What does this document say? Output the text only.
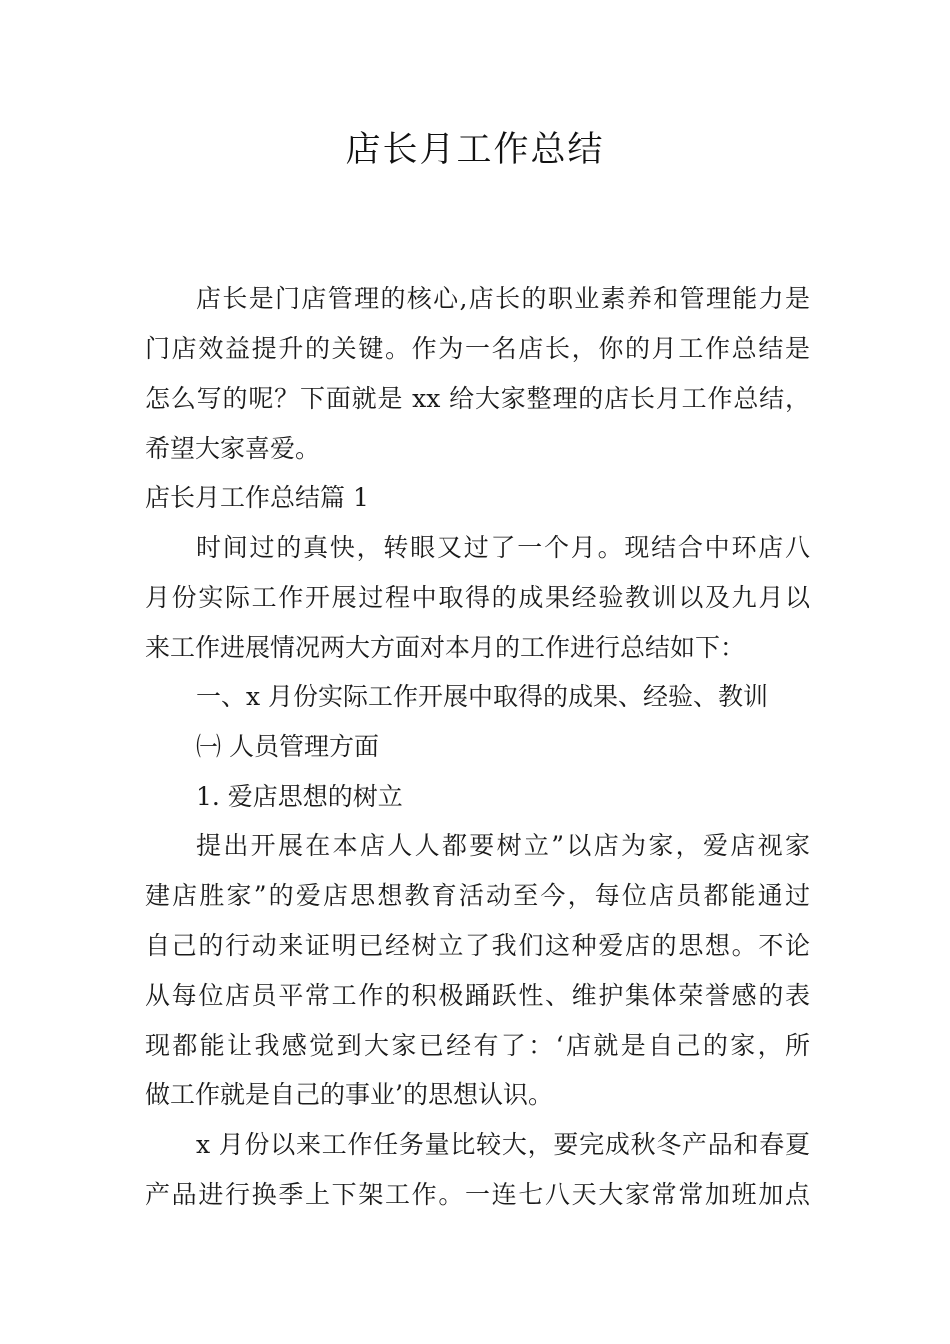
店长月工作总结
店长是门店管理的核心,店长的职业素养和管理能力是
门店效益提升的关键。作为一名店长，你的月工作总结是
怎么写的呢？下面就是 xx 给大家整理的店长月工作总结，
希望大家喜爱。
店长月工作总结篇 1
时间过的真快，转眼又过了一个月。现结合中环店八
月份实际工作开展过程中取得的成果经验教训以及九月以
来工作进展情况两大方面对本月的工作进行总结如下：
一、x 月份实际工作开展中取得的成果、经验、教训
㈠ 人员管理方面
1. 爱店思想的树立
提出开展在本店人人都要树立”以店为家，爱店视家
建店胜家”的爱店思想教育活动至今，每位店员都能通过
自己的行动来证明已经树立了我们这种爱店的思想。不论
从每位店员平常工作的积极踊跃性、维护集体荣誉感的表
现都能让我感觉到大家已经有了：‘店就是自己的家，所
做工作就是自己的事业’的思想认识。
x 月份以来工作任务量比较大，要完成秋冬产品和春夏
产品进行换季上下架工作。一连七八天大家常常加班加点
